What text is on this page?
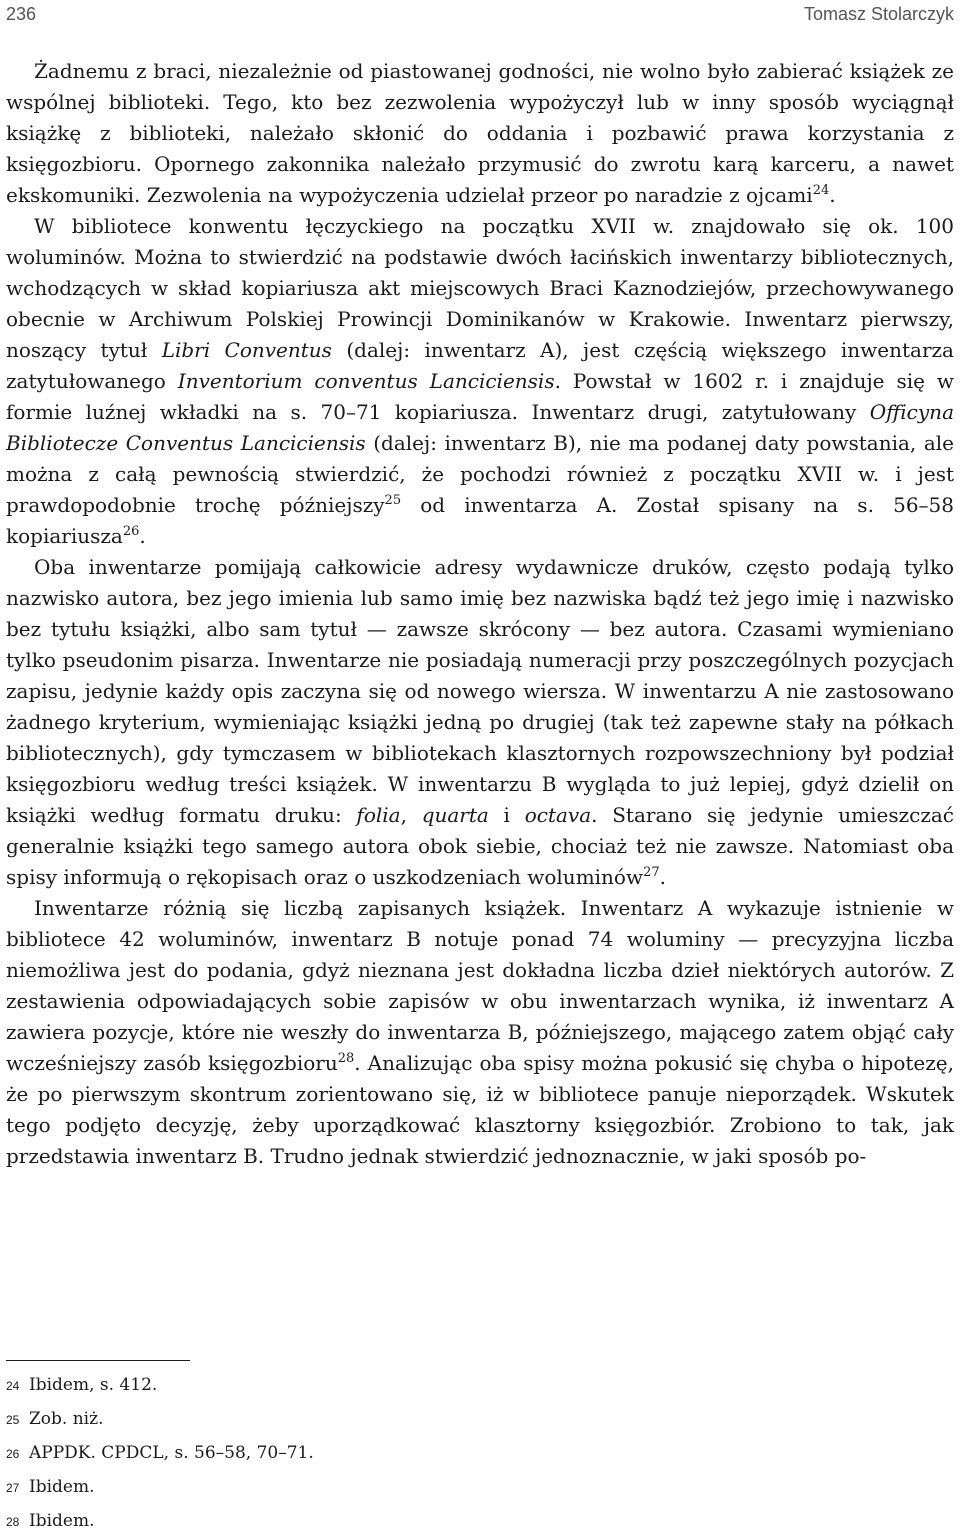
236	Tomasz Stolarczyk

Żadnemu z braci, niezależnie od piastowanej godności, nie wolno było zabierać książek ze wspólnej biblioteki. Tego, kto bez zezwolenia wypożyczył lub w inny sposób wyciągnął książkę z biblioteki, należało skłonić do oddania i pozbawić prawa korzystania z księgozbioru. Opornego zakonnika należało przymusić do zwrotu karą karceru, a nawet ekskomuniki. Zezwolenia na wypożyczenia udzielał przeor po naradzie z ojcami$^{24}$.

W bibliotece konwentu łęczyckiego na początku XVII w. znajdowało się ok. 100 woluminów. Można to stwierdzić na podstawie dwóch łacińskich inwentarzy bibliotecznych, wchodzących w skład kopiariusza akt miejscowych Braci Kaznodziejów, przechowywanego obecnie w Archiwum Polskiej Prowincji Dominikanów w Krakowie. Inwentarz pierwszy, noszący tytuł Libri Conventus (dalej: inwentarz A), jest częścią większego inwentarza zatytułowanego Inventorium conventus Lanciciensis. Powstał w 1602 r. i znajduje się w formie luźnej wkładki na s. 70–71 kopiariusza. Inwentarz drugi, zatytułowany Officyna Bibliotecze Conventus Lanciciensis (dalej: inwentarz B), nie ma podanej daty powstania, ale można z całą pewnością stwierdzić, że pochodzi również z początku XVII w. i jest prawdopodobnie trochę późniejszy$^{25}$ od inwentarza A. Został spisany na s. 56–58 kopiariusza$^{26}$.

Oba inwentarze pomijają całkowicie adresy wydawnicze druków, często podają tylko nazwisko autora, bez jego imienia lub samo imię bez nazwiska bądź też jego imię i nazwisko bez tytułu książki, albo sam tytuł — zawsze skrócony — bez autora. Czasami wymieniano tylko pseudonim pisarza. Inwentarze nie posiadają numeracji przy poszczególnych pozycjach zapisu, jedynie każdy opis zaczyna się od nowego wiersza. W inwentarzu A nie zastosowano żadnego kryterium, wymieniając książki jedną po drugiej (tak też zapewne stały na półkach bibliotecznych), gdy tymczasem w bibliotekach klasztornych rozpowszechniony był podział księgozbioru według treści książek. W inwentarzu B wygląda to już lepiej, gdyż dzielił on książki według formatu druku: folia, quarta i octava. Starano się jedynie umieszczać generalnie książki tego samego autora obok siebie, chociaż też nie zawsze. Natomiast oba spisy informują o rękopisach oraz o uszkodzeniach woluminów$^{27}$.

Inwentarze różnią się liczbą zapisanych książek. Inwentarz A wykazuje istnienie w bibliotece 42 woluminów, inwentarz B notuje ponad 74 woluminy — precyzyjna liczba niemożliwa jest do podania, gdyż nieznana jest dokładna liczba dzieł niektórych autorów. Z zestawienia odpowiadających sobie zapisów w obu inwentarzach wynika, iż inwentarz A zawiera pozycje, które nie weszły do inwentarza B, późniejszego, mającego zatem objąć cały wcześniejszy zasób księgozbioru$^{28}$. Analizując oba spisy można pokusić się chyba o hipotezę, że po pierwszym skontrum zorientowano się, iż w bibliotece panuje nieporządek. Wskutek tego podjęto decyzję, żeby uporządkować klasztorny księgozbiór. Zrobiono to tak, jak przedstawia inwentarz B. Trudno jednak stwierdzić jednoznacznie, w jaki sposób po-

24 Ibidem, s. 412.
25 Zob. niż.
26 APPDK. CPDCL, s. 56–58, 70–71.
27 Ibidem.
28 Ibidem.
